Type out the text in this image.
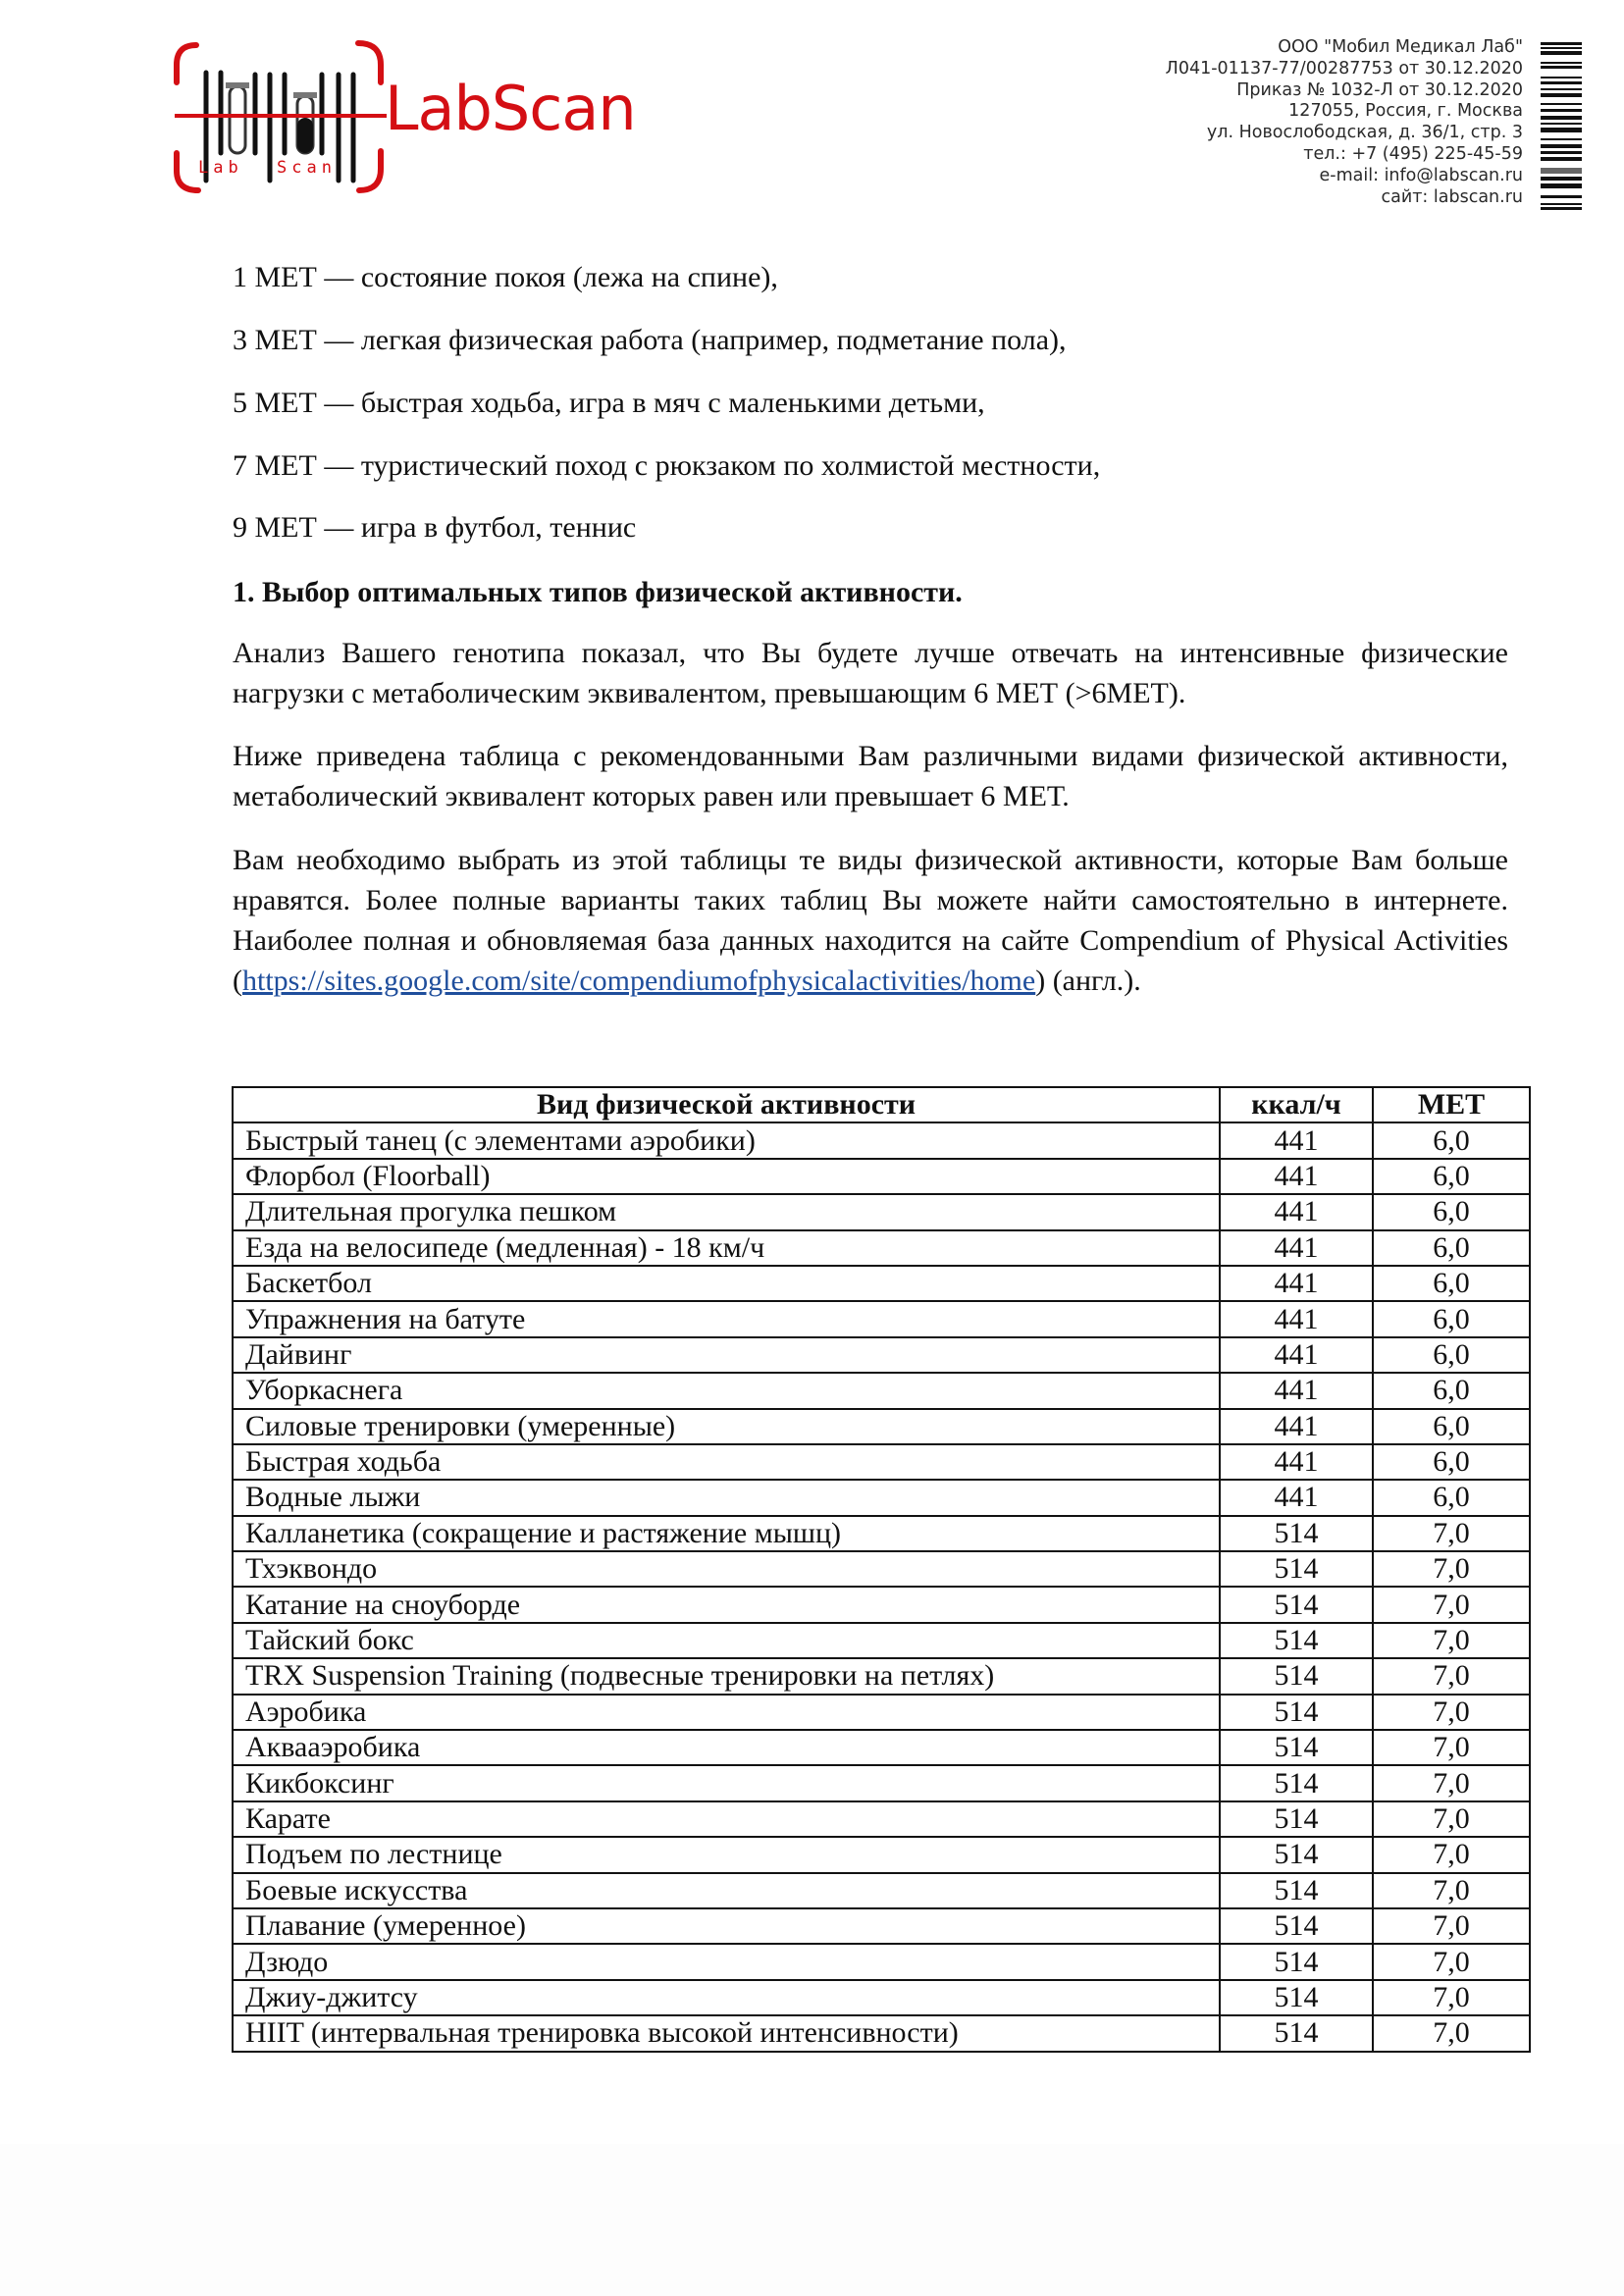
Lab Scan
LabScan
ООО "Мобил Медикал Лаб"
Л041-01137-77/00287753 от 30.12.2020
Приказ № 1032-Л от 30.12.2020
127055, Россия, г. Москва
ул. Новослободская, д. 36/1, стр. 3
тел.: +7 (495) 225-45-59
e-mail: info@labscan.ru
сайт: labscan.ru
1 МЕТ — состояние покоя (лежа на спине),
3 МЕТ — легкая физическая работа (например, подметание пола),
5 МЕТ — быстрая ходьба, игра в мяч с маленькими детьми,
7 МЕТ — туристический поход с рюкзаком по холмистой местности,
9 МЕТ — игра в футбол, теннис
1. Выбор оптимальных типов физической активности.
Анализ Вашего генотипа показал, что Вы будете лучше отвечать на интенсивные физические нагрузки с метаболическим эквивалентом, превышающим 6 МЕТ (>6МЕТ).
Ниже приведена таблица с рекомендованными Вам различными видами физической активности, метаболический эквивалент которых равен или превышает 6 МЕТ.
Вам необходимо выбрать из этой таблицы те виды физической активности, которые Вам больше нравятся. Более полные варианты таких таблиц Вы можете найти самостоятельно в интернете. Наиболее полная и обновляемая база данных находится на сайте Compendium of Physical Activities (https://sites.google.com/site/compendiumofphysicalactivities/home) (англ.).
Вид физической активности	ккал/ч	МЕТ
Быстрый танец (с элементами аэробики)	441	6,0
Флорбол (Floorball)	441	6,0
Длительная прогулка пешком	441	6,0
Езда на велосипеде (медленная) - 18 км/ч	441	6,0
Баскетбол	441	6,0
Упражнения на батуте	441	6,0
Дайвинг	441	6,0
Уборкаснега	441	6,0
Силовые тренировки (умеренные)	441	6,0
Быстрая ходьба	441	6,0
Водные лыжи	441	6,0
Калланетика (сокращение и растяжение мышц)	514	7,0
Тхэквондо	514	7,0
Катание на сноуборде	514	7,0
Тайский бокс	514	7,0
TRX Suspension Training (подвесные тренировки на петлях)	514	7,0
Аэробика	514	7,0
Аквааэробика	514	7,0
Кикбоксинг	514	7,0
Карате	514	7,0
Подъем по лестнице	514	7,0
Боевые искусства	514	7,0
Плавание (умеренное)	514	7,0
Дзюдо	514	7,0
Джиу-джитсу	514	7,0
HIIT (интервальная тренировка высокой интенсивности)	514	7,0
